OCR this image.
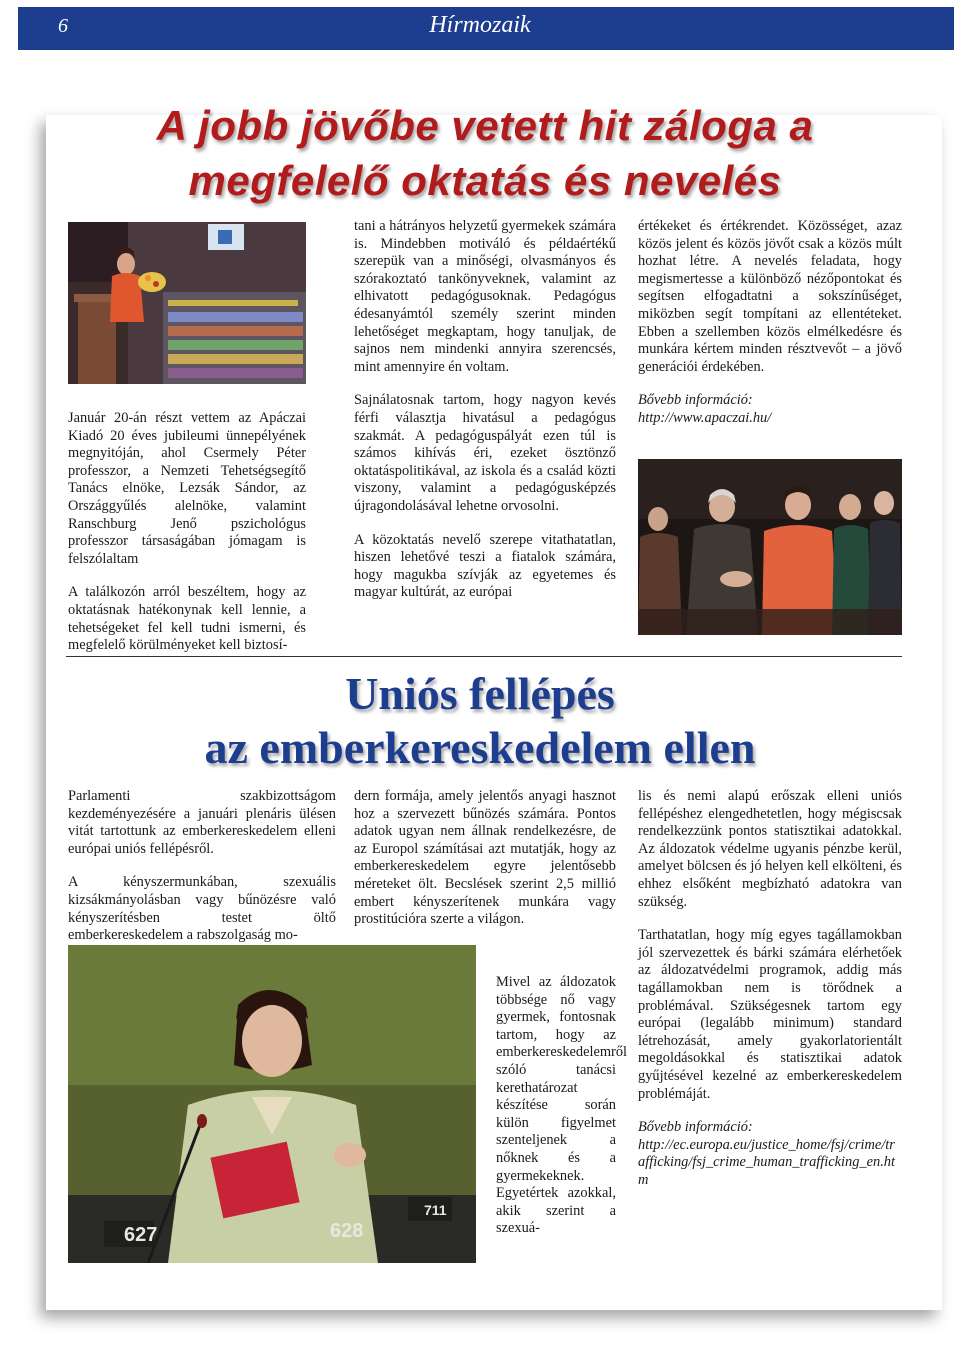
6	Hírmozaik
A jobb jövőbe vetett hit záloga a
megfelelő oktatás és nevelés

Január 20-án részt vettem az Apáczai Kiadó 20 éves jubileumi ünnepélyének megnyitóján, ahol Csermely Péter professzor, a Nemzeti Tehetségsegítő Tanács elnöke, Lezsák Sándor, az Országgyűlés alelnöke, valamint Ranschburg Jenő pszichológus professzor társaságában jómagam is felszólaltam

A találkozón arról beszéltem, hogy az oktatásnak hatékonynak kell lennie, a tehetségeket fel kell tudni ismerni, és megfelelő körülményeket kell biztosí-

tani a hátrányos helyzetű gyermekek számára is. Mindebben motiváló és példaértékű szerepük van a minőségi, olvasmányos és szórakoztató tankönyveknek, valamint az elhivatott pedagógusoknak. Pedagógus édesanyámtól személy szerint minden lehetőséget megkaptam, hogy tanuljak, de sajnos nem mindenki annyira szerencsés, mint amennyire én voltam.

Sajnálatosnak tartom, hogy nagyon kevés férfi választja hivatásul a pedagógus szakmát. A pedagóguspályát ezen túl is számos kihívás éri, ezeket ösztönző oktatáspolitikával, az iskola és a család közti viszony, valamint a pedagógusképzés újragondolásával lehetne orvosolni.

A közoktatás nevelő szerepe vitathatatlan, hiszen lehetővé teszi a fiatalok számára, hogy magukba szívják az egyetemes és magyar kultúrát, az európai

értékeket és értékrendet. Közösséget, azaz közös jelent és közös jövőt csak a közös múlt hozhat létre. A nevelés feladata, hogy megismertesse a különböző nézőpontokat és segítsen elfogadtatni a sokszínűséget, miközben segít tompítani az ellentéteket. Ebben a szellemben közös elmélkedésre és munkára kértem minden résztvevőt – a jövő generációi érdekében.

Bővebb információ:
http://www.apaczai.hu/

Uniós fellépés
az emberkereskedelem ellen

Parlamenti szakbizottságom kezdeményezésére a januári plenáris ülésen vitát tartottunk az emberkereskedelem elleni európai uniós fellépésről.

A kényszermunkában, szexuális kizsákmányolásban vagy bűnözésre való kényszerítésben testet öltő emberkereskedelem a rabszolgaság mo-

627	628
711

dern formája, amely jelentős anyagi hasznot hoz a szervezett bűnözés számára. Pontos adatok ugyan nem állnak rendelkezésre, de az Europol számításai azt mutatják, hogy az emberkereskedelem egyre jelentősebb méreteket ölt. Becslések szerint 2,5 millió embert kényszerítenek munkára vagy prostitúcióra szerte a világon.

Mivel az áldozatok többsége nő vagy gyermek, fontosnak tartom, hogy az emberkereskedelemről szóló tanácsi kerethatározat készítése során külön figyelmet szenteljenek a nőknek és a gyermekeknek. Egyetértek azokkal, akik szerint a szexuá-

lis és nemi alapú erőszak elleni uniós fellépéshez elengedhetetlen, hogy mégiscsak rendelkezzünk pontos statisztikai adatokkal. Az áldozatok védelme ugyanis pénzbe kerül, amelyet bölcsen és jó helyen kell elkölteni, és ehhez elsőként megbízható adatokra van szükség.

Tarthatatlan, hogy míg egyes tagállamokban jól szervezettek és bárki számára elérhetőek az áldozatvédelmi programok, addig más tagállamokban nem is törődnek a problémával. Szükségesnek tartom egy európai (legalább minimum) standard létrehozását, amely gyakorlatorientált megoldásokkal és statisztikai adatok gyűjtésével kezelné az emberkereskedelem problémáját.

Bővebb információ:
http://ec.europa.eu/justice_home/fsj/crime/trafficking/fsj_crime_human_trafficking_en.htm
